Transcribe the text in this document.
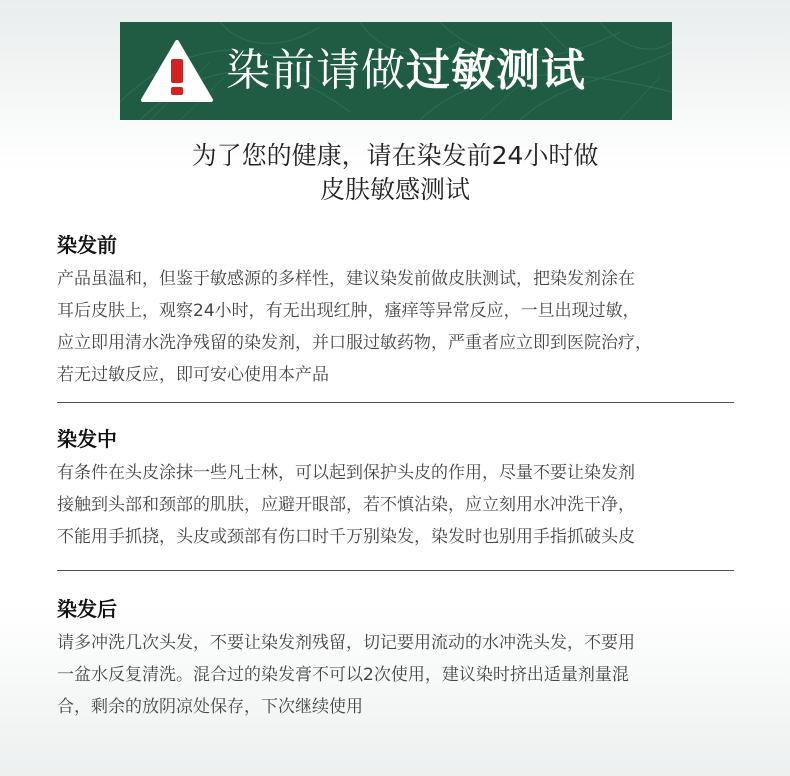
染前请做过敏测试

为了您的健康，请在染发前24小时做

皮肤敏感测试

染发前

产品虽温和，但鉴于敏感源的多样性，建议染发前做皮肤测试，把染发剂涂在

耳后皮肤上，观察24小时，有无出现红肿，瘙痒等异常反应，一旦出现过敏，

应立即用清水洗净残留的染发剂，并口服过敏药物，严重者应立即到医院治疗，

若无过敏反应，即可安心使用本产品

染发中

有条件在头皮涂抹一些凡士林，可以起到保护头皮的作用，尽量不要让染发剂

接触到头部和颈部的肌肤，应避开眼部，若不慎沾染，应立刻用水冲洗干净，

不能用手抓挠，头皮或颈部有伤口时千万别染发，染发时也别用手指抓破头皮

染发后

请多冲洗几次头发，不要让染发剂残留，切记要用流动的水冲洗头发，不要用

一盆水反复清洗。混合过的染发膏不可以2次使用，建议染时挤出适量剂量混

合，剩余的放阴凉处保存，下次继续使用
